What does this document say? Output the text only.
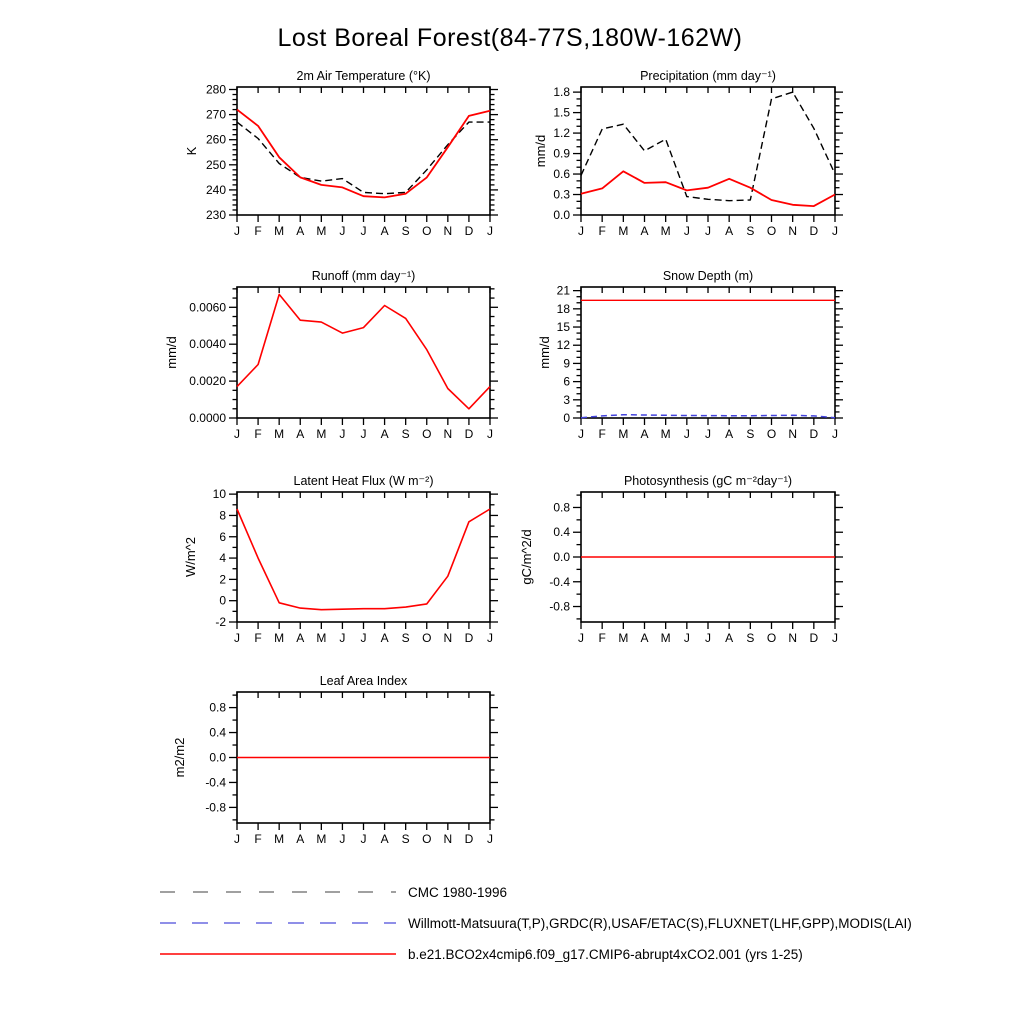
Lost Boreal Forest(84-77S,180W-162W)
2m Air Temperature (°K)
K
J F M A M J J A S O N D J
230
240
250
260
270
280
Precipitation (mm day⁻¹)
mm/d
J F M A M J J A S O N D J
0.0
0.3
0.6
0.9
1.2
1.5
1.8
Runoff (mm day⁻¹)
mm/d
J F M A M J J A S O N D J
0.0000
0.0020
0.0040
0.0060
Snow Depth (m)
mm/d
J F M A M J J A S O N D J
0
3
6
9
12
15
18
21
Latent Heat Flux (W m⁻²)
W/m^2
J F M A M J J A S O N D J
-2
0
2
4
6
8
10
Photosynthesis (gC m⁻²day⁻¹)
gC/m^2/d
J F M A M J J A S O N D J
-0.8
-0.4
0.0
0.4
0.8
Leaf Area Index
m2/m2
J F M A M J J A S O N D J
-0.8
-0.4
0.0
0.4
0.8
CMC 1980-1996
Willmott-Matsuura(T,P),GRDC(R),USAF/ETAC(S),FLUXNET(LHF,GPP),MODIS(LAI)
b.e21.BCO2x4cmip6.f09_g17.CMIP6-abrupt4xCO2.001 (yrs 1-25)
